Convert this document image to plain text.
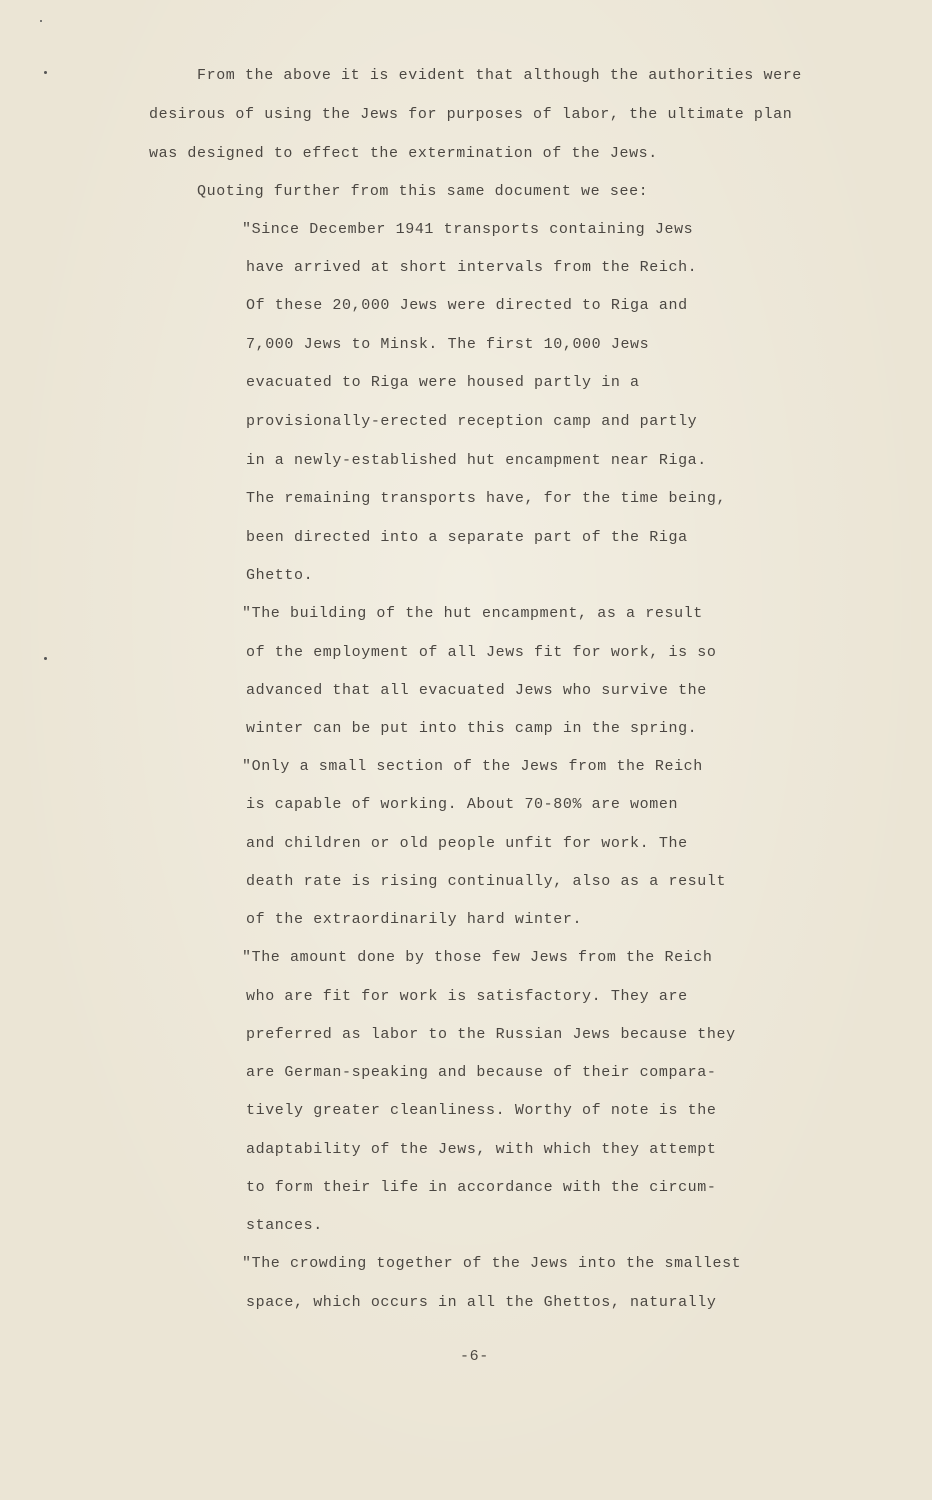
From the above it is evident that although the authorities were
desirous of using the Jews for purposes of labor, the ultimate plan
was designed to effect the extermination of the Jews.
Quoting further from this same document we see:
"Since December 1941 transports containing Jews
have arrived at short intervals from the Reich.
Of these 20,000 Jews were directed to Riga and
7,000 Jews to Minsk. The first 10,000 Jews
evacuated to Riga were housed partly in a
provisionally-erected reception camp and partly
in a newly-established hut encampment near Riga.
The remaining transports have, for the time being,
been directed into a separate part of the Riga
Ghetto.
"The building of the hut encampment, as a result
of the employment of all Jews fit for work, is so
advanced that all evacuated Jews who survive the
winter can be put into this camp in the spring.
"Only a small section of the Jews from the Reich
is capable of working. About 70-80% are women
and children or old people unfit for work. The
death rate is rising continually, also as a result
of the extraordinarily hard winter.
"The amount done by those few Jews from the Reich
who are fit for work is satisfactory. They are
preferred as labor to the Russian Jews because they
are German-speaking and because of their compara-
tively greater cleanliness. Worthy of note is the
adaptability of the Jews, with which they attempt
to form their life in accordance with the circum-
stances.
"The crowding together of the Jews into the smallest
space, which occurs in all the Ghettos, naturally
-6-
